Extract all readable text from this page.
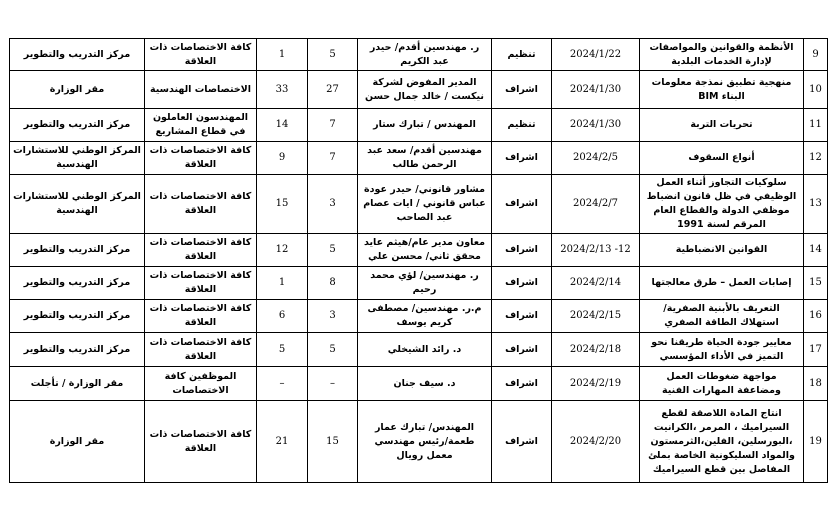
9	الأنظمة والقوانين والمواصفات لإدارة الخدمات البلدية	2024/1/22	تنظيم	ر. مهندسين أقدم/ حيدر عبد الكريم	5	1	كافة الاختصاصات ذات العلاقة	مركز التدريب والتطوير
10	منهجية تطبيق نمذجة معلومات البناء BIM	2024/1/30	اشراف	المدير المفوض لشركة نيكست / خالد جمال حسن	27	33	الاختصاصات الهندسية	مقر الوزارة
11	تحريات التربة	2024/1/30	تنظيم	المهندس / تبارك ستار	7	14	المهندسون العاملون في قطاع المشاريع	مركز التدريب والتطوير
12	أنواع السقوف	2024/2/5	اشراف	مهندسين أقدم/ سعد عبد الرحمن طالب	7	9	كافة الاختصاصات ذات العلاقة	المركز الوطني للاستشارات الهندسية
13	سلوكيات التجاوز أثناء العمل الوظيفي في ظل قانون انضباط موظفي الدولة والقطاع العام المرقم لسنة 1991	2024/2/7	اشراف	مشاور قانوني/ حيدر عودة عباس قانوني / ايات عصام عبد الصاحب	3	15	كافة الاختصاصات ذات العلاقة	المركز الوطني للاستشارات الهندسية
14	القوانين الانضباطية	12- 2024/2/13	اشراف	معاون مدير عام/هيثم عايد محقق ثاني/ محسن علي	5	12	كافة الاختصاصات ذات العلاقة	مركز التدريب والتطوير
15	إصابات العمل – طرق معالجتها	2024/2/14	اشراف	ر. مهندسين/ لؤي محمد رحيم	8	1	كافة الاختصاصات ذات العلاقة	مركز التدريب والتطوير
16	التعريف بالأبنية الصفرية/ استهلاك الطاقة الصفري	2024/2/15	اشراف	م.ر. مهندسين/ مصطفى كريم يوسف	3	6	كافة الاختصاصات ذات العلاقة	مركز التدريب والتطوير
17	معايير جودة الحياة طريقنا نحو التميز في الأداء المؤسسي	2024/2/18	اشراف	د. رائد الشيخلي	5	5	كافة الاختصاصات ذات العلاقة	مركز التدريب والتطوير
18	مواجهة ضغوطات العمل ومضاعفة المهارات الفنية	2024/2/19	اشراف	د. سيف جنان	–	–	الموظفين كافة الاختصاصات	مقر الوزارة / تأجلت
19	انتاج المادة اللاصقة لقطع السيراميك ، المرمر ،الكرانيت ،البورسلين، الفلين،الثرمستون والمواد السليكونية الخاصة بملئ المفاصل بين قطع السيراميك	2024/2/20	اشراف	المهندس/ تبارك عمار طعمة/رئيس مهندسي معمل رويال	15	21	كافة الاختصاصات ذات العلاقة	مقر الوزارة
